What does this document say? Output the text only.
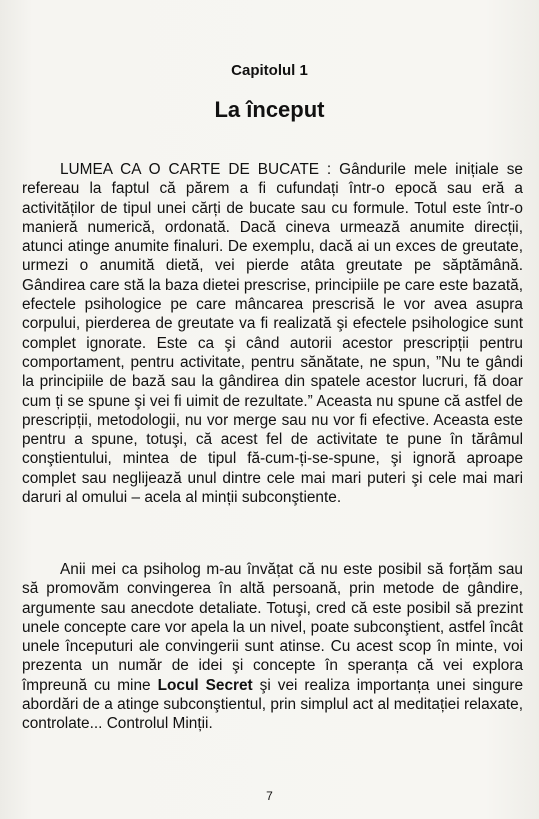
Capitolul 1
La început
LUMEA CA O CARTE DE BUCATE : Gândurile mele inițiale se refereau la faptul că părem a fi cufundați într-o epocă sau eră a activităților de tipul unei cărți de bucate sau cu formule. Totul este într-o manieră numerică, ordonată. Dacă cineva urmează anumite direcții, atunci atinge anumite finaluri. De exemplu, dacă ai un exces de greutate, urmezi o anumită dietă, vei pierde atâta greutate pe săptămână. Gândirea care stă la baza dietei prescrise, principiile pe care este bazată, efectele psihologice pe care mâncarea prescrisă le vor avea asupra corpului, pierderea de greutate va fi realizată şi efectele psihologice sunt complet ignorate. Este ca şi când autorii acestor prescripții pentru comportament, pentru activitate, pentru sănătate, ne spun, ”Nu te gândi la principiile de bază sau la gândirea din spatele acestor lucruri, fă doar cum ți se spune şi vei fi uimit de rezultate.” Aceasta nu spune că astfel de prescripții, metodologii, nu vor merge sau nu vor fi efective. Aceasta este pentru a spune, totuşi, că acest fel de activitate te pune în tărâmul conştientului, mintea de tipul fă-cum-ți-se-spune, şi ignoră aproape complet sau neglijează unul dintre cele mai mari puteri şi cele mai mari daruri al omului – acela al minții subconştiente.
Anii mei ca psiholog m-au învățat că nu este posibil să forțăm sau să promovăm convingerea în altă persoană, prin metode de gândire, argumente sau anecdote detaliate. Totuşi, cred că este posibil să prezint unele concepte care vor apela la un nivel, poate subconştient, astfel încât unele începuturi ale convingerii sunt atinse. Cu acest scop în minte, voi prezenta un număr de idei şi concepte în speranța că vei explora împreună cu mine Locul Secret şi vei realiza importanța unei singure abordări de a atinge subconştientul, prin simplul act al meditației relaxate, controlate... Controlul Minții.
7
